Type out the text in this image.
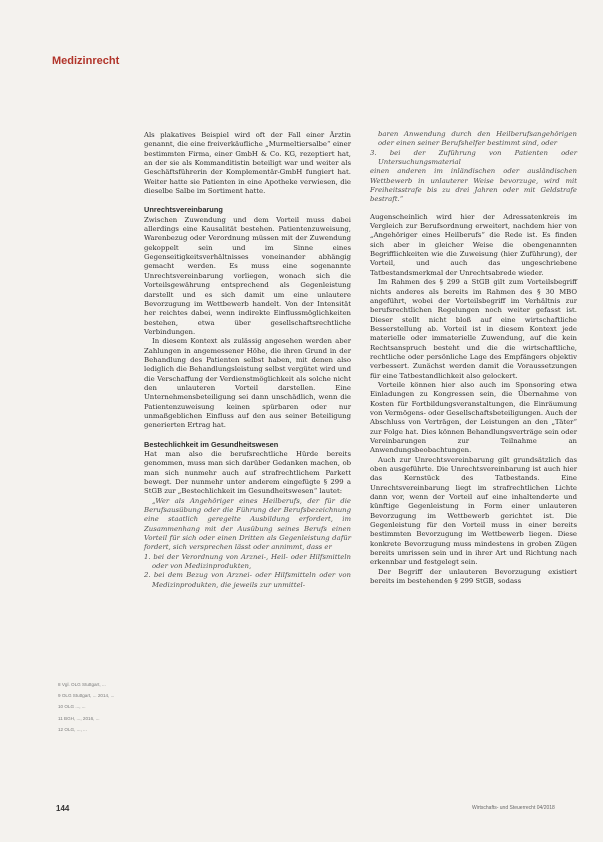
Medizinrecht

Als plakatives Beispiel wird oft der Fall einer Ärztin genannt, die eine freiverkäufliche „Murmeltiersalbe“ einer bestimmten Firma, einer GmbH & Co. KG, rezeptiert hat, an der sie als Kommanditistin beteiligt war und weiter als Geschäftsführerin der Komplementär-GmbH fungiert hat. Weiter hatte sie Patienten in eine Apotheke verwiesen, die dieselbe Salbe im Sortiment hatte.

Unrechtsvereinbarung

Zwischen Zuwendung und dem Vorteil muss dabei allerdings eine Kausalität bestehen. Patientenzuweisung, Warenbezug oder Verordnung müssen mit der Zuwendung gekoppelt sein und im Sinne eines Gegenseitigkeitsverhältnisses voneinander abhängig gemacht werden. Es muss eine sogenannte Unrechtsvereinbarung vorliegen, wonach sich die Vorteilsgewährung entsprechend als Gegenleistung darstellt und es sich damit um eine unlautere Bevorzugung im Wettbewerb handelt. Von der Intensität her reichtes dabei, wenn indirekte Einflussmöglichkeiten bestehen, etwa über gesellschaftsrechtliche Verbindungen.

In diesem Kontext als zulässig angesehen werden aber Zahlungen in angemessener Höhe, die ihren Grund in der Behandlung des Patienten selbst haben, mit denen also lediglich die Behandlungsleistung selbst vergütet wird und die Verschaffung der Verdienstmöglichkeit als solche nicht den unlauteren Vorteil darstellen. Eine Unternehmensbeteiligung sei dann unschädlich, wenn die Patientenzuweisung keinen spürbaren oder nur unmaßgeblichen Einfluss auf den aus seiner Beteiligung generierten Ertrag hat.

Bestechlichkeit im Gesundheitswesen

Hat man also die berufsrechtliche Hürde bereits genommen, muss man sich darüber Gedanken machen, ob man sich nunmehr auch auf strafrechtlichem Parkett bewegt. Der nunmehr unter anderem eingefügte § 299 a StGB zur „Bestechlichkeit im Gesundheitswesen“ lautet:

„Wer als Angehöriger eines Heilberufs, der für die Berufsausübung oder die Führung der Berufsbezeichnung eine staatlich geregelte Ausbildung erfordert, im Zusammenhang mit der Ausübung seines Berufs einen Vorteil für sich oder einen Dritten als Gegenleistung dafür fordert, sich versprechen lässt oder annimmt, dass er

1. bei der Verordnung von Arznei-, Heil- oder Hilfsmitteln oder von Medizinprodukten,
2. bei dem Bezug von Arznei- oder Hilfsmitteln oder von Medizinprodukten, die jeweils zur unmittel-

baren Anwendung durch den Heilberufsangehörigen oder einen seiner Berufshelfer bestimmt sind, oder

3. bei der Zuführung von Patienten oder Untersuchungsmaterial

einen anderen im inländischen oder ausländischen Wettbewerb in unlauterer Weise bevorzuge, wird mit Freiheitsstrafe bis zu drei Jahren oder mit Geldstrafe bestraft.“

Augenscheinlich wird hier der Adressatenkreis im Vergleich zur Berufsordnung erweitert, nachdem hier von „Angehöriger eines Heilberufs“ die Rede ist. Es finden sich aber in gleicher Weise die obengenannten Begrifflichkeiten wie die Zuweisung (hier Zuführung), der Vorteil, und auch das ungeschriebene Tatbestandsmerkmal der Unrechtsabrede wieder.

Im Rahmen des § 299 a StGB gilt zum Vorteilsbegriff nichts anderes als bereits im Rahmen des § 30 MBO angeführt, wobei der Vorteilsbegriff im Verhältnis zur berufsrechtlichen Regelungen noch weiter gefasst ist. Dieser stellt nicht bloß auf eine wirtschaftliche Besserstellung ab. Vorteil ist in diesem Kontext jede materielle oder immaterielle Zuwendung, auf die kein Rechtsanspruch besteht und die die wirtschaftliche, rechtliche oder persönliche Lage des Empfängers objektiv verbessert. Zunächst werden damit die Voraussetzungen für eine Tatbestandlichkeit also gelockert.

Vorteile können hier also auch im Sponsoring etwa Einladungen zu Kongressen sein, die Übernahme von Kosten für Fortbildungsveranstaltungen, die Einräumung von Vermögens- oder Gesellschaftsbeteiligungen. Auch der Abschluss von Verträgen, der Leistungen an den „Täter“ zur Folge hat. Dies können Behandlungsverträge sein oder Vereinbarungen zur Teilnahme an Anwendungsbeobachtungen.

Auch zur Unrechtsvereinbarung gilt grundsätzlich das oben ausgeführte. Die Unrechtsvereinbarung ist auch hier das Kernstück des Tatbestands. Eine Unrechtsvereinbarung liegt im strafrechtlichen Lichte dann vor, wenn der Vorteil auf eine inhaltenderte und künftige Gegenleistung in Form einer unlauteren Bevorzugung im Wettbewerb gerichtet ist. Die Gegenleistung für den Vorteil muss in einer bereits bestimmten Bevorzugung im Wettbewerb liegen. Diese konkrete Bevorzugung muss mindestens in groben Zügen bereits umrissen sein und in ihrer Art und Richtung nach erkennbar und festgelegt sein.

Der Begriff der unlauteren Bevorzugung existiert bereits im bestehenden § 299 StGB, sodass

8 Vgl. OLG Stuttgart, ...
9 OLG Stuttgart, ... 2014, ...
10 OLG ..., ...
11 BGH, ..., 2016, ...
12 OLG, ..., ...
144	Wirtschafts- und Steuerrecht 04/2018
